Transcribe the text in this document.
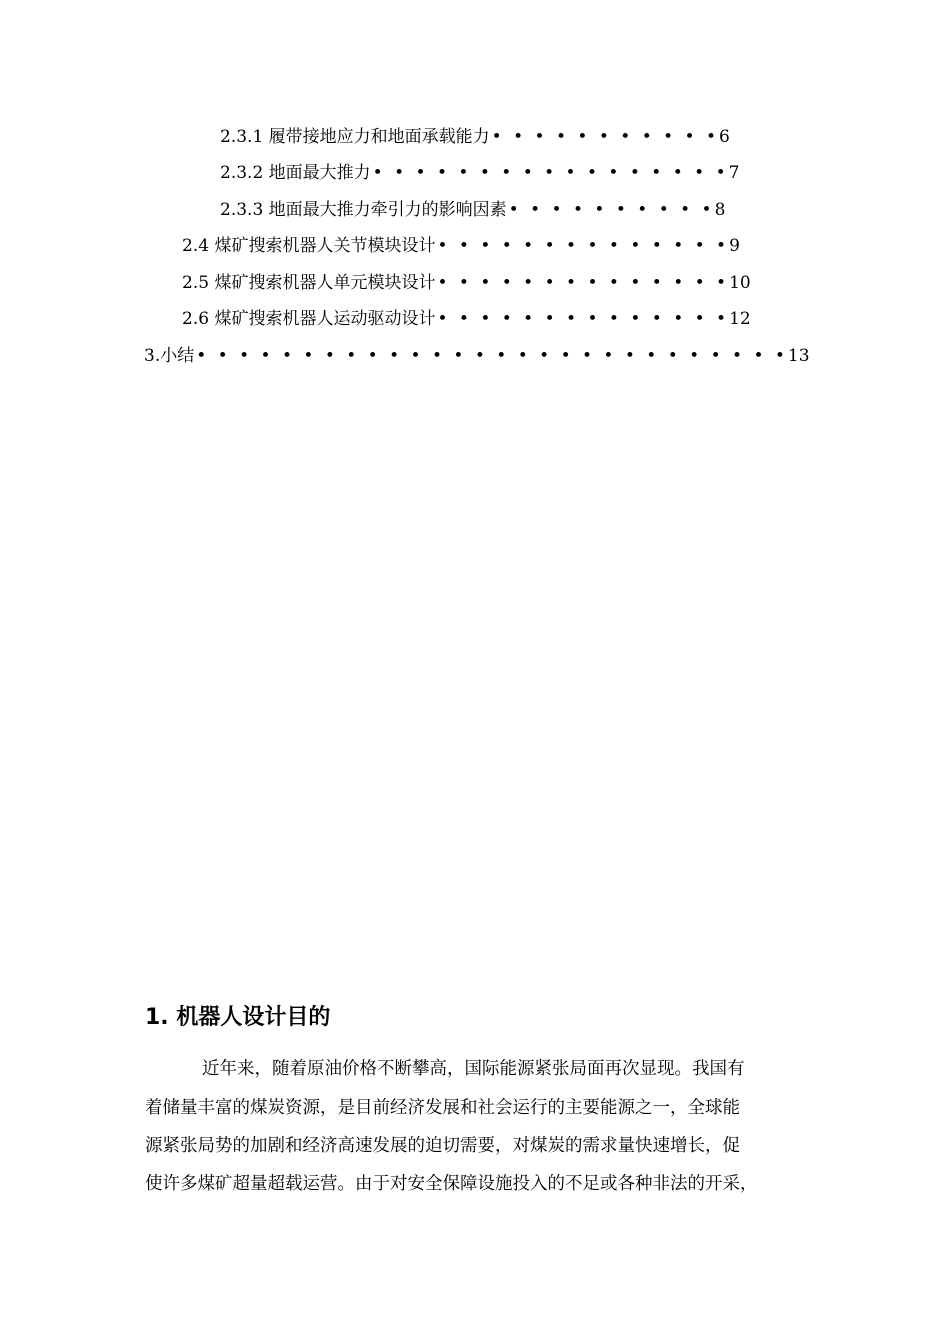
2.3.1 履带接地应力和地面承载能力 • • • • • • • • • • •6
2.3.2 地面最大推力 • • • • • • • • • • • • • • • • •7
2.3.3 地面最大推力牵引力的影响因素 • • • • • • • • • •8
2.4 煤矿搜索机器人关节模块设计 • • • • • • • • • • • • • •9
2.5 煤矿搜索机器人单元模块设计 • • • • • • • • • • • • • •10
2.6 煤矿搜索机器人运动驱动设计 • • • • • • • • • • • • • •12
3.小结 • • • • • • • • • • • • • • • • • • • • • • • • • • • •13
1. 机器人设计目的
近年来，随着原油价格不断攀高，国际能源紧张局面再次显现。我国有
着储量丰富的煤炭资源，是目前经济发展和社会运行的主要能源之一，全球能
源紧张局势的加剧和经济高速发展的迫切需要，对煤炭的需求量快速增长，促
使许多煤矿超量超载运营。由于对安全保障设施投入的不足或各种非法的开采，
